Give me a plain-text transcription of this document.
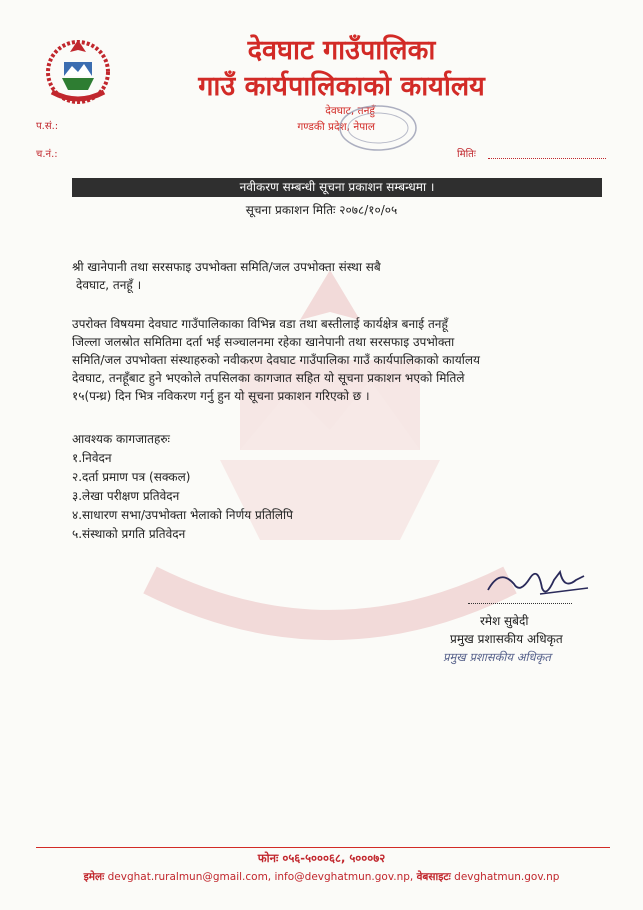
देवघाट गाउँपालिका
गाउँ कार्यपालिकाको कार्यालय
देवघाट, तनहुँ
गण्डकी प्रदेश, नेपाल
प.सं.:
च.नं.:	मितिः
नवीकरण सम्बन्धी सूचना प्रकाशन सम्बन्धमा ।
सूचना प्रकाशन मितिः २०७८/१०/०५
श्री खानेपानी तथा सरसफाइ उपभोक्ता समिति/जल उपभोक्ता संस्था सबै
देवघाट, तनहूँ ।
उपरोक्त विषयमा देवघाट गाउँपालिकाका विभिन्न वडा तथा बस्तीलाई कार्यक्षेत्र बनाई तनहूँ
जिल्ला जलस्रोत समितिमा दर्ता भई सञ्चालनमा रहेका खानेपानी तथा सरसफाइ उपभोक्ता
समिति/जल उपभोक्ता संस्थाहरुको नवीकरण देवघाट गाउँपालिका गाउँ कार्यपालिकाको कार्यालय
देवघाट, तनहूँबाट हुने भएकोले तपसिलका कागजात सहित यो सूचना प्रकाशन भएको मितिले
१५(पन्ध्र) दिन भित्र नविकरण गर्नु हुन यो सूचना प्रकाशन गरिएको छ ।
आवश्यक कागजातहरुः
१.निवेदन
२.दर्ता प्रमाण पत्र (सक्कल)
३.लेखा परीक्षण प्रतिवेदन
४.साधारण सभा/उपभोक्ता भेलाको निर्णय प्रतिलिपि
५.संस्थाको प्रगति प्रतिवेदन
रमेश सुबेदी
प्रमुख प्रशासकीय अधिकृत
प्रमुख प्रशासकीय अधिकृत
फोनः ०५६-५०००६८, ५०००७२
इमेलः devghat.ruralmun@gmail.com, info@devghatmun.gov.np, वेबसाइटः devghatmun.gov.np
